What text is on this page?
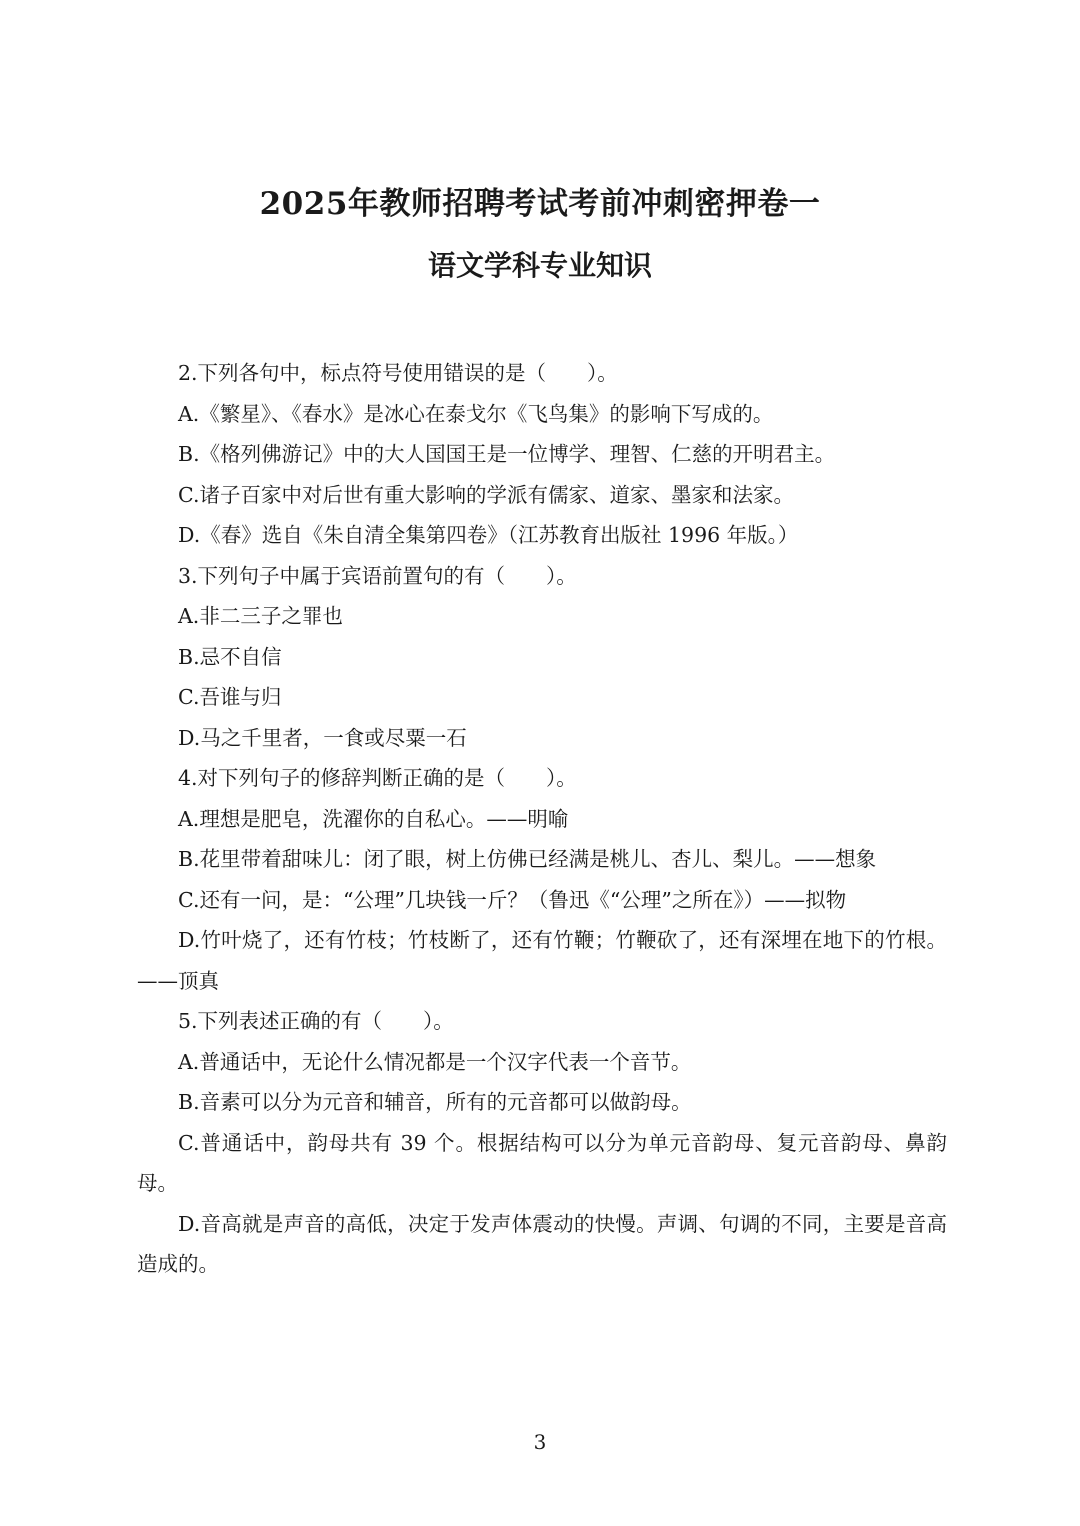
2025年教师招聘考试考前冲刺密押卷一
语文学科专业知识

2.下列各句中，标点符号使用错误的是（　　）。

A.《繁星》、《春水》是冰心在泰戈尔《飞鸟集》的影响下写成的。

B.《格列佛游记》中的大人国国王是一位博学、理智、仁慈的开明君主。

C.诸子百家中对后世有重大影响的学派有儒家、道家、墨家和法家。

D.《春》选自《朱自清全集第四卷》（江苏教育出版社 1996 年版。）

3.下列句子中属于宾语前置句的有（　　）。

A.非二三子之罪也

B.忌不自信

C.吾谁与归

D.马之千里者，一食或尽粟一石

4.对下列句子的修辞判断正确的是（　　）。

A.理想是肥皂，洗濯你的自私心。——明喻

B.花里带着甜味儿：闭了眼，树上仿佛已经满是桃儿、杏儿、梨儿。——想象

C.还有一问，是：“公理”几块钱一斤？（鲁迅《“公理”之所在》）——拟物

D.竹叶烧了，还有竹枝；竹枝断了，还有竹鞭；竹鞭砍了，还有深埋在地下的竹根。——顶真

5.下列表述正确的有（　　）。

A.普通话中，无论什么情况都是一个汉字代表一个音节。

B.音素可以分为元音和辅音，所有的元音都可以做韵母。

C.普通话中，韵母共有 39 个。根据结构可以分为单元音韵母、复元音韵母、鼻韵母。

D.音高就是声音的高低，决定于发声体震动的快慢。声调、句调的不同，主要是音高造成的。

3
